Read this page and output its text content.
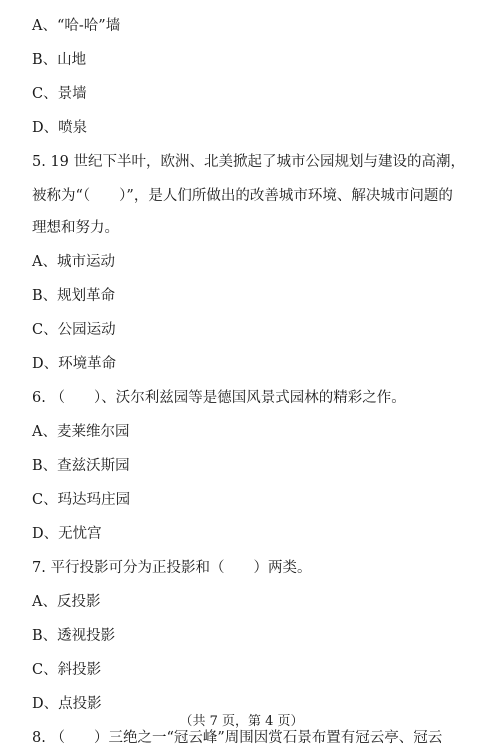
A、“哈-哈”墙
B、山地
C、景墙
D、喷泉
5. 19 世纪下半叶，欧洲、北美掀起了城市公园规划与建设的高潮，
被称为“（　　）”，是人们所做出的改善城市环境、解决城市问题的
理想和努力。
A、城市运动
B、规划革命
C、公园运动
D、环境革命
6. （　　）、沃尔利兹园等是德国风景式园林的精彩之作。
A、麦莱维尔园
B、查兹沃斯园
C、玛达玛庄园
D、无忧宫
7. 平行投影可分为正投影和（　　）两类。
A、反投影
B、透视投影
C、斜投影
D、点投影
8. （　　）三绝之一“冠云峰”周围因赏石景布置有冠云亭、冠云
（共 7 页，第 4 页）
